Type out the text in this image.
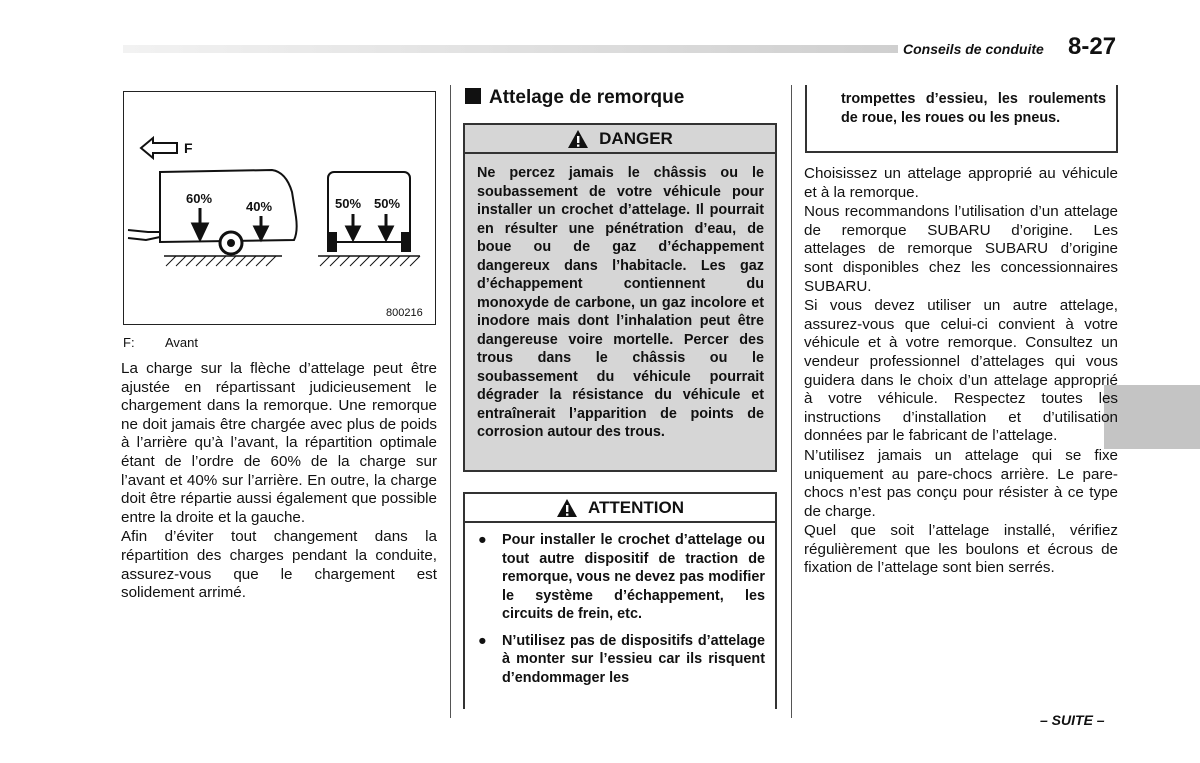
Conseils de conduite 8-27
F
60%
40%	50% 50%
800216
F: Avant

La charge sur la flèche d’attelage peut être ajustée en répartissant judicieusement le chargement dans la remorque. Une remorque ne doit jamais être chargée avec plus de poids à l’arrière qu’à l’avant, la répartition optimale étant de l’ordre de 60% de la charge sur l’avant et 40% sur l’arrière. En outre, la charge doit être répartie aussi également que possible entre la droite et la gauche.

Afin d’éviter tout changement dans la répartition des charges pendant la conduite, assurez-vous que le chargement est solidement arrimé.

Attelage de remorque
DANGER
Ne percez jamais le châssis ou le soubassement de votre véhicule pour installer un crochet d’attelage. Il pourrait en résulter une pénétration d’eau, de boue ou de gaz d’échappement dangereux dans l’habitacle. Les gaz d’échappement contiennent du monoxyde de carbone, un gaz incolore et inodore mais dont l’inhalation peut être dangereuse voire mortelle. Percer des trous dans le châssis ou le soubassement du véhicule pourrait dégrader la résistance du véhicule et entraînerait l’apparition de points de corrosion autour des trous.
ATTENTION
●	Pour installer le crochet d’attelage ou tout autre dispositif de traction de remorque, vous ne devez pas modifier le système d’échappement, les circuits de frein, etc.
●	N’utilisez pas de dispositifs d’attelage à monter sur l’essieu car ils risquent d’endommager les
trompettes d’essieu, les roulements de roue, les roues ou les pneus.

Choisissez un attelage approprié au véhicule et à la remorque.

Nous recommandons l’utilisation d’un attelage de remorque SUBARU d’origine. Les attelages de remorque SUBARU d’origine sont disponibles chez les concessionnaires SUBARU.

Si vous devez utiliser un autre attelage, assurez-vous que celui-ci convient à votre véhicule et à votre remorque. Consultez un vendeur professionnel d’attelages qui vous guidera dans le choix d’un attelage approprié à votre véhicule. Respectez toutes les instructions d’installation et d’utilisation données par le fabricant de l’attelage.

N’utilisez jamais un attelage qui se fixe uniquement au pare-chocs arrière. Le pare-chocs n’est pas conçu pour résister à ce type de charge.

Quel que soit l’attelage installé, vérifiez régulièrement que les boulons et écrous de fixation de l’attelage sont bien serrés.

– SUITE –
